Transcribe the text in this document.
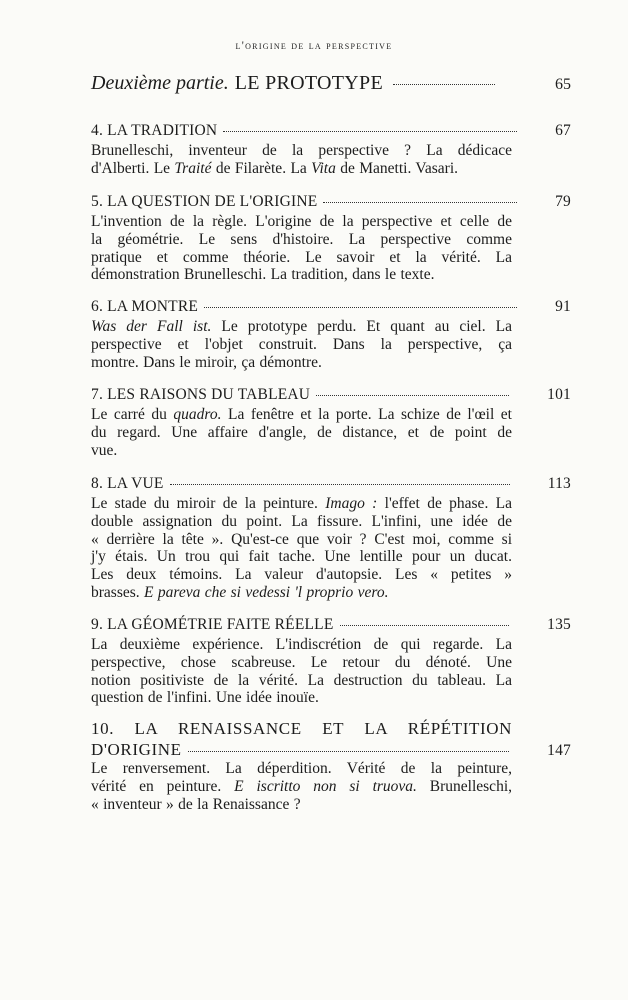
l'origine de la perspective
Deuxième partie. LE PROTOTYPE	65
4. LA TRADITION	67
Brunelleschi, inventeur de la perspective ? La dédicace
d'Alberti. Le Traité de Filarète. La Vita de Manetti. Vasari.
5. LA QUESTION DE L'ORIGINE	79
L'invention de la règle. L'origine de la perspective et celle de
la géométrie. Le sens d'histoire. La perspective comme
pratique et comme théorie. Le savoir et la vérité. La
démonstration Brunelleschi. La tradition, dans le texte.
6. LA MONTRE	91
Was der Fall ist. Le prototype perdu. Et quant au ciel. La
perspective et l'objet construit. Dans la perspective, ça
montre. Dans le miroir, ça démontre.
7. LES RAISONS DU TABLEAU	101
Le carré du quadro. La fenêtre et la porte. La schize de l'œil et
du regard. Une affaire d'angle, de distance, et de point de
vue.
8. LA VUE	113
Le stade du miroir de la peinture. Imago : l'effet de phase. La
double assignation du point. La fissure. L'infini, une idée de
« derrière la tête ». Qu'est-ce que voir ? C'est moi, comme si
j'y étais. Un trou qui fait tache. Une lentille pour un ducat.
Les deux témoins. La valeur d'autopsie. Les « petites »
brasses. E pareva che si vedessi 'l proprio vero.
9. LA GÉOMÉTRIE FAITE RÉELLE	135
La deuxième expérience. L'indiscrétion de qui regarde. La
perspective, chose scabreuse. Le retour du dénoté. Une
notion positiviste de la vérité. La destruction du tableau. La
question de l'infini. Une idée inouïe.
10. LA RENAISSANCE ET LA RÉPÉTITION
D'ORIGINE	147
Le renversement. La déperdition. Vérité de la peinture,
vérité en peinture. E iscritto non si truova. Brunelleschi,
« inventeur » de la Renaissance ?
